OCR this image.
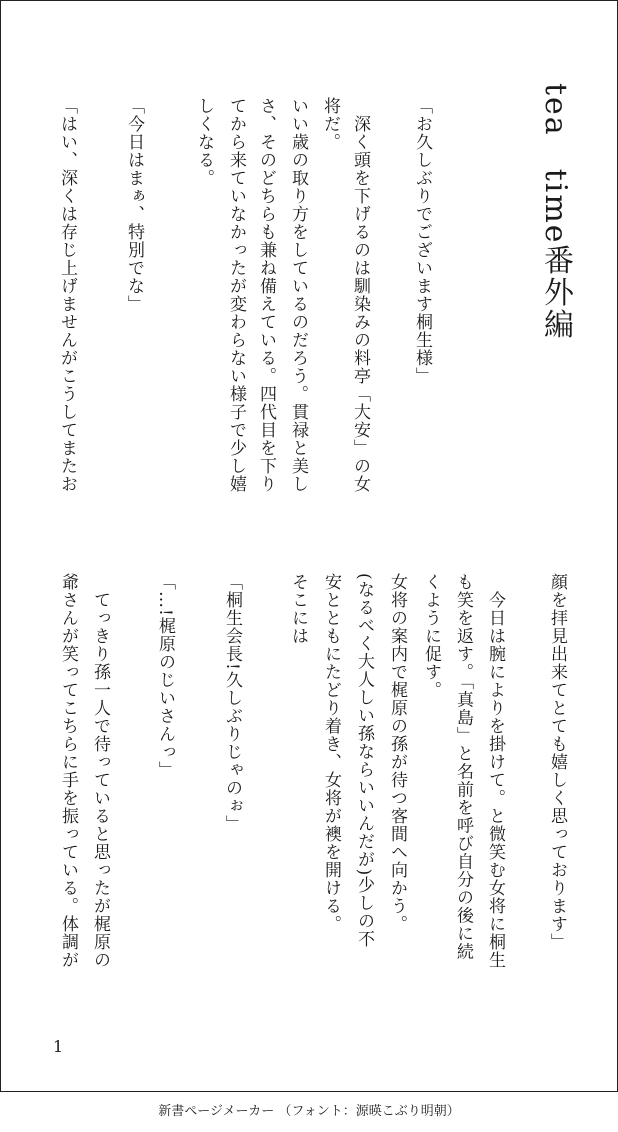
tea　time番外編
「お久しぶりでございます桐生様」
　深く頭を下げるのは馴染みの料亭「大安」の女
将だ。
いい歳の取り方をしているのだろう。貫禄と美し
さ、そのどちらも兼ね備えている。四代目を下り
てから来ていなかったが変わらない様子で少し嬉
しくなる。
「今日はまぁ、特別でな」
「はい、深くは存じ上げませんがこうしてまたお
顔を拝見出来てとても嬉しく思っております」
　今日は腕によりを掛けて。と微笑む女将に桐生
も笑を返す。「真島」と名前を呼び自分の後に続
くように促す。
女将の案内で梶原の孫が待つ客間へ向かう。
(なるべく大人しい孫ならいいんだが)少しの不
安とともにたどり着き、女将が襖を開ける。
そこには
「桐生会長!久しぶりじゃのぉ」
「…!梶原のじいさんっ」
　てっきり孫一人で待っていると思ったが梶原の
爺さんが笑ってこちらに手を振っている。体調が
1
新書ページメーカー （フォント：源暎こぶり明朝）
